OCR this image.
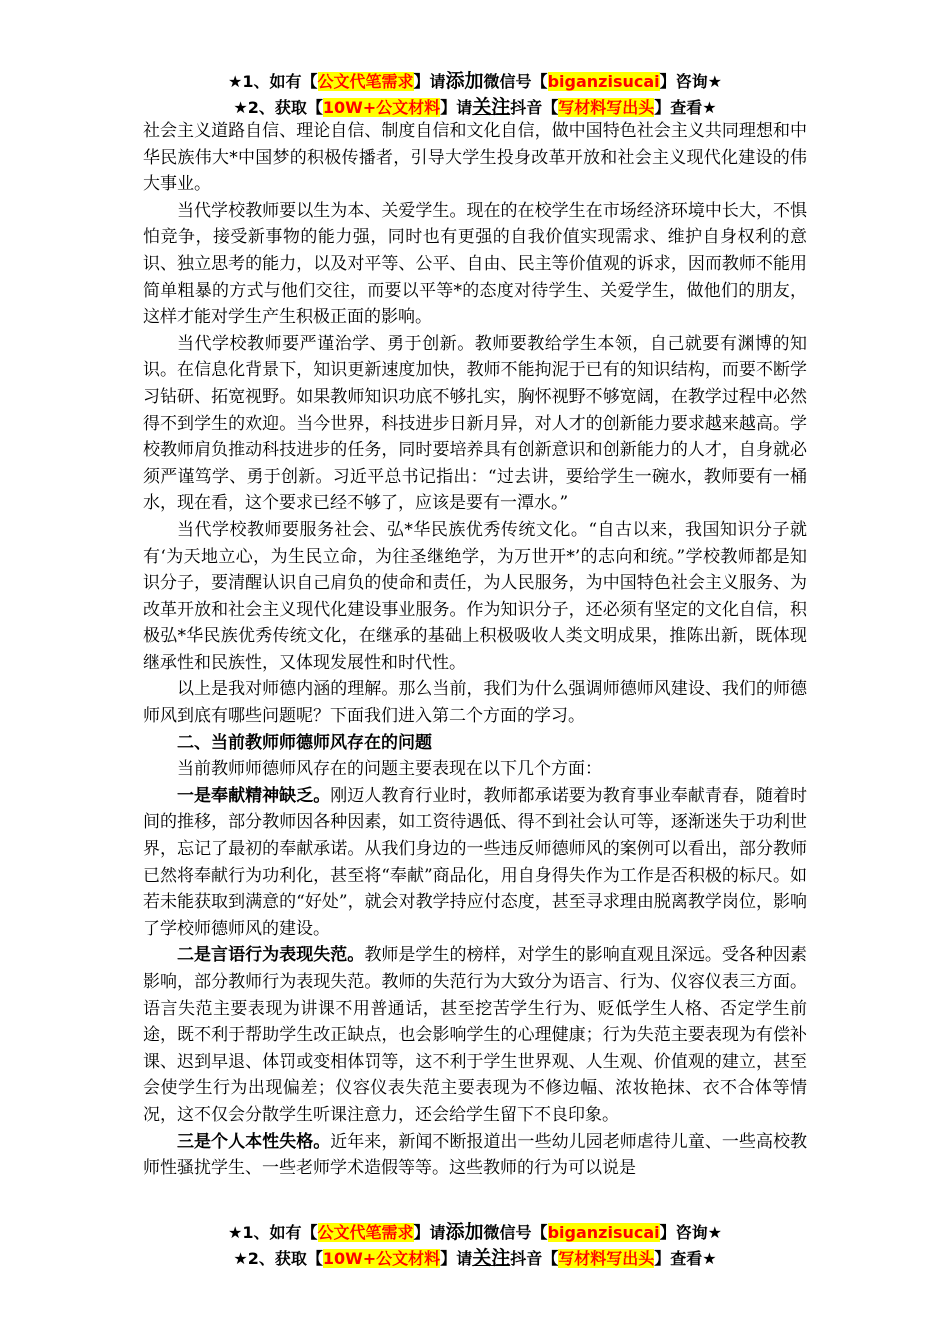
★1、如有【公文代笔需求】请添加微信号【biganzisucai】咨询★
★2、获取【10W+公文材料】请关注抖音【写材料写出头】查看★

社会主义道路自信、理论自信、制度自信和文化自信，做中国特色社会主义共同理想和中华民族伟大*中国梦的积极传播者，引导大学生投身改革开放和社会主义现代化建设的伟大事业。

当代学校教师要以生为本、关爱学生。现在的在校学生在市场经济环境中长大，不惧怕竞争，接受新事物的能力强，同时也有更强的自我价值实现需求、维护自身权利的意识、独立思考的能力，以及对平等、公平、自由、民主等价值观的诉求，因而教师不能用简单粗暴的方式与他们交往，而要以平等*的态度对待学生、关爱学生，做他们的朋友，这样才能对学生产生积极正面的影响。

当代学校教师要严谨治学、勇于创新。教师要教给学生本领，自己就要有渊博的知识。在信息化背景下，知识更新速度加快，教师不能拘泥于已有的知识结构，而要不断学习钻研、拓宽视野。如果教师知识功底不够扎实，胸怀视野不够宽阔，在教学过程中必然得不到学生的欢迎。当今世界，科技进步日新月异，对人才的创新能力要求越来越高。学校教师肩负推动科技进步的任务，同时要培养具有创新意识和创新能力的人才，自身就必须严谨笃学、勇于创新。习近平总书记指出：“过去讲，要给学生一碗水，教师要有一桶水，现在看，这个要求已经不够了，应该是要有一潭水。”

当代学校教师要服务社会、弘*华民族优秀传统文化。“自古以来，我国知识分子就有‘为天地立心，为生民立命，为往圣继绝学，为万世开*’的志向和统。”学校教师都是知识分子，要清醒认识自己肩负的使命和责任，为人民服务，为中国特色社会主义服务、为改革开放和社会主义现代化建设事业服务。作为知识分子，还必须有坚定的文化自信，积极弘*华民族优秀传统文化，在继承的基础上积极吸收人类文明成果，推陈出新，既体现继承性和民族性，又体现发展性和时代性。

以上是我对师德内涵的理解。那么当前，我们为什么强调师德师风建设、我们的师德师风到底有哪些问题呢？下面我们进入第二个方面的学习。

二、当前教师师德师风存在的问题

当前教师师德师风存在的问题主要表现在以下几个方面：

一是奉献精神缺乏。刚迈人教育行业时，教师都承诺要为教育事业奉献青春，随着时间的推移，部分教师因各种因素，如工资待遇低、得不到社会认可等，逐渐迷失于功利世界，忘记了最初的奉献承诺。从我们身边的一些违反师德师风的案例可以看出，部分教师已然将奉献行为功利化，甚至将“奉献”商品化，用自身得失作为工作是否积极的标尺。如若未能获取到满意的“好处”，就会对教学持应付态度，甚至寻求理由脱离教学岗位，影响了学校师德师风的建设。

二是言语行为表现失范。教师是学生的榜样，对学生的影响直观且深远。受各种因素影响，部分教师行为表现失范。教师的失范行为大致分为语言、行为、仪容仪表三方面。语言失范主要表现为讲课不用普通话，甚至挖苦学生行为、贬低学生人格、否定学生前途，既不利于帮助学生改正缺点，也会影响学生的心理健康；行为失范主要表现为有偿补课、迟到早退、体罚或变相体罚等，这不利于学生世界观、人生观、价值观的建立，甚至会使学生行为出现偏差；仪容仪表失范主要表现为不修边幅、浓妆艳抹、衣不合体等情况，这不仅会分散学生听课注意力，还会给学生留下不良印象。

三是个人本性失格。近年来，新闻不断报道出一些幼儿园老师虐待儿童、一些高校教师性骚扰学生、一些老师学术造假等等。这些教师的行为可以说是

★1、如有【公文代笔需求】请添加微信号【biganzisucai】咨询★
★2、获取【10W+公文材料】请关注抖音【写材料写出头】查看★
